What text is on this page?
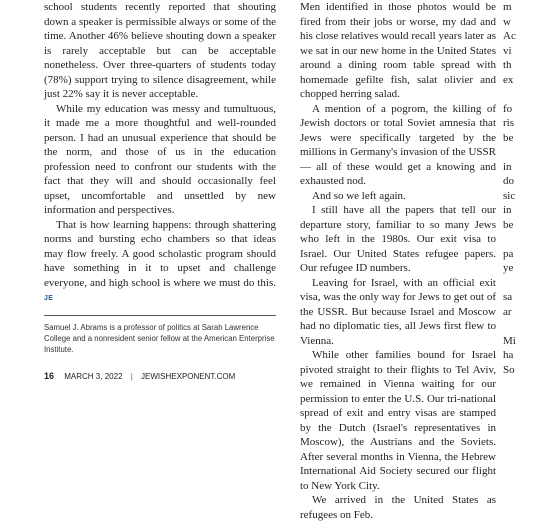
school students recently reported that shouting down a speaker is permissible always or some of the time. Another 46% believe shouting down a speaker is rarely acceptable but can be acceptable nonetheless. Over three-quarters of students today (78%) support trying to silence disagreement, while just 22% say it is never acceptable.

While my education was messy and tumultuous, it made me a more thoughtful and well-rounded person. I had an unusual experience that should be the norm, and those of us in the education profession need to confront our students with the fact that they will and should occasionally feel upset, uncomfortable and unsettled by new information and perspectives.

That is how learning happens: through shattering norms and bursting echo chambers so that ideas may flow freely. A good scholastic program should have something in it to upset and challenge everyone, and high school is where we must do this. JE

Samuel J. Abrams is a professor of politics at Sarah Lawrence College and a nonresident senior fellow at the American Enterprise Institute.

Men identified in those photos would be fired from their jobs or worse, my dad and his close relatives would recall years later as we sat in our new home in the United States around a dining room table spread with homemade gefilte fish, salat olivier and chopped herring salad.

A mention of a pogrom, the killing of Jewish doctors or total Soviet amnesia that Jews were specifically targeted by the millions in Germany's invasion of the USSR — all of these would get a knowing and exhausted nod.

And so we left again.

I still have all the papers that tell our departure story, familiar to so many Jews who left in the 1980s. Our exit visa to Israel. Our United States refugee papers. Our refugee ID numbers.

Leaving for Israel, with an official exit visa, was the only way for Jews to get out of the USSR. But because Israel and Moscow had no diplomatic ties, all Jews first flew to Vienna.

While other families bound for Israel pivoted straight to their flights to Tel Aviv, we remained in Vienna waiting for our permission to enter the U.S. Our tri-national spread of exit and entry visas are stamped by the Dutch (Israel's representatives in Moscow), the Austrians and the Soviets. After several months in Vienna, the Hebrew International Aid Society secured our flight to New York City.

We arrived in the United States as refugees on Feb.

m

w

Ac

vi

th

ex

fo

ris

be

in

do

sic

in

be

pa

ye

sa

ar

Mi

ha

So

16 MARCH 3, 2022 | JEWISHEXPONENT.COM
